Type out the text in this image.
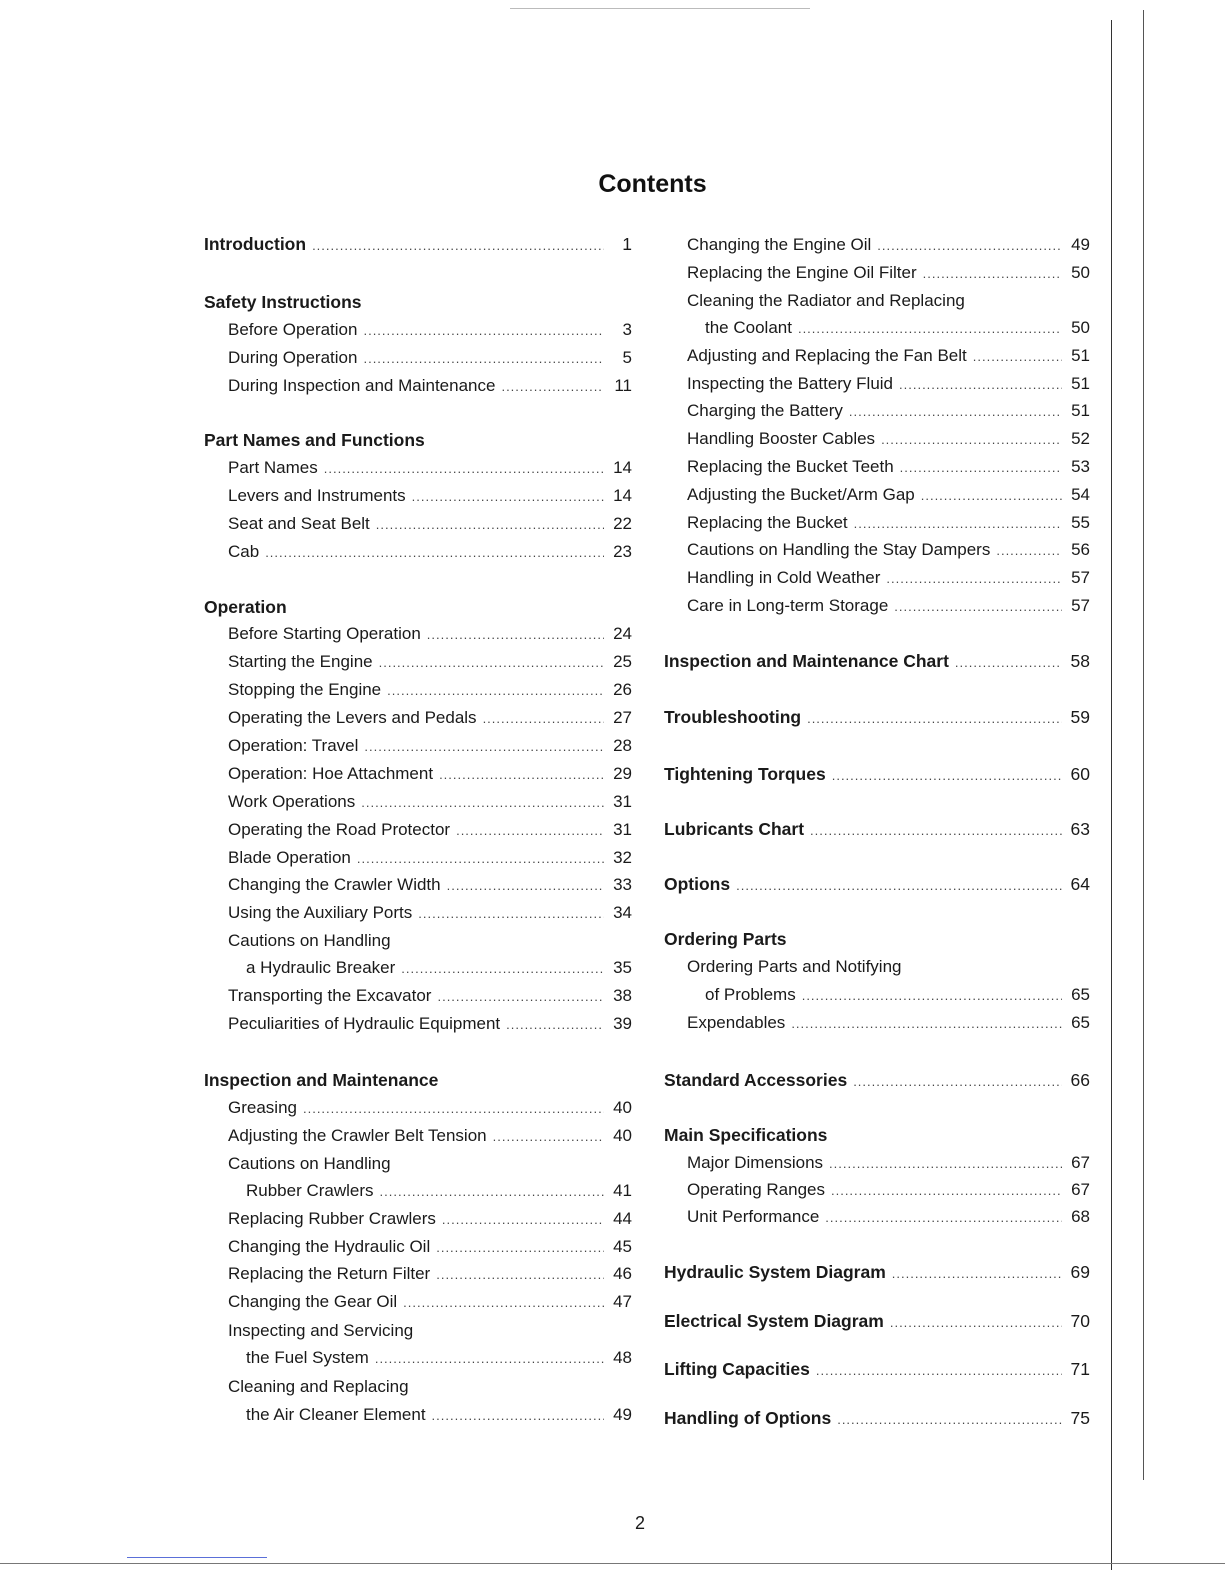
Contents
Introduction .....	1
Safety Instructions
Before Operation .....	3
During Operation .....	5
During Inspection and Maintenance .....	11
Part Names and Functions
Part Names .....	14
Levers and Instruments .....	14
Seat and Seat Belt .....	22
Cab .....	23
Operation
Before Starting Operation .....	24
Starting the Engine .....	25
Stopping the Engine .....	26
Operating the Levers and Pedals .....	27
Operation: Travel .....	28
Operation: Hoe Attachment .....	29
Work Operations .....	31
Operating the Road Protector .....	31
Blade Operation .....	32
Changing the Crawler Width .....	33
Using the Auxiliary Ports .....	34
Cautions on Handling
a Hydraulic Breaker .....	35
Transporting the Excavator .....	38
Peculiarities of Hydraulic Equipment .....	39
Inspection and Maintenance
Greasing .....	40
Adjusting the Crawler Belt Tension .....	40
Cautions on Handling
Rubber Crawlers .....	41
Replacing Rubber Crawlers .....	44
Changing the Hydraulic Oil .....	45
Replacing the Return Filter .....	46
Changing the Gear Oil .....	47
Inspecting and Servicing
the Fuel System .....	48
Cleaning and Replacing
the Air Cleaner Element .....	49
Changing the Engine Oil .....	49
Replacing the Engine Oil Filter .....	50
Cleaning the Radiator and Replacing
the Coolant .....	50
Adjusting and Replacing the Fan Belt .....	51
Inspecting the Battery Fluid .....	51
Charging the Battery .....	51
Handling Booster Cables .....	52
Replacing the Bucket Teeth .....	53
Adjusting the Bucket/Arm Gap .....	54
Replacing the Bucket .....	55
Cautions on Handling the Stay Dampers .....	56
Handling in Cold Weather .....	57
Care in Long-term Storage .....	57
Inspection and Maintenance Chart .....	58
Troubleshooting .....	59
Tightening Torques .....	60
Lubricants Chart .....	63
Options .....	64
Ordering Parts
Ordering Parts and Notifying
of Problems .....	65
Expendables .....	65
Standard Accessories .....	66
Main Specifications
Major Dimensions .....	67
Operating Ranges .....	67
Unit Performance .....	68
Hydraulic System Diagram .....	69
Electrical System Diagram .....	70
Lifting Capacities .....	71
Handling of Options .....	75
2
